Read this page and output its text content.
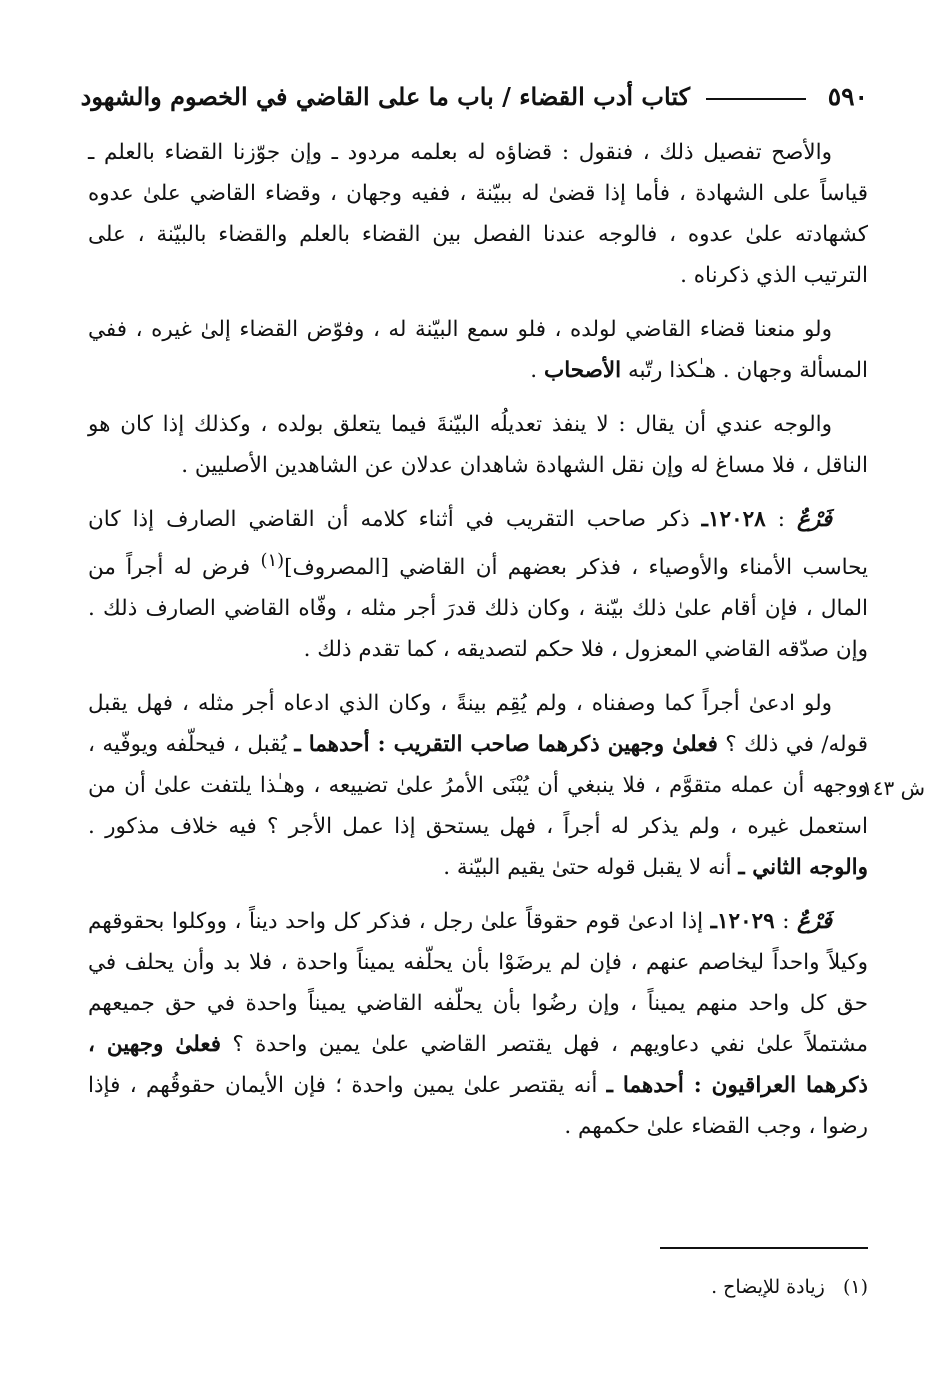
٥٩٠
كتاب أدب القضاء / باب ما على القاضي في الخصوم والشهود
ش ١٤٣

والأصح تفصيل ذلك ، فنقول : قضاؤه له بعلمه مردود ـ وإن جوّزنا القضاء بالعلم ـ قياساً على الشهادة ، فأما إذا قضىٰ له ببيّنة ، ففيه وجهان ، وقضاء القاضي علىٰ عدوه كشهادته علىٰ عدوه ، فالوجه عندنا الفصل بين القضاء بالعلم والقضاء بالبيّنة ، على الترتيب الذي ذكرناه .

ولو منعنا قضاء القاضي لولده ، فلو سمع البيّنة له ، وفوّض القضاء إلىٰ غيره ، ففي المسألة وجهان . هـٰكذا رتّبه الأصحاب .

والوجه عندي أن يقال : لا ينفذ تعديلُه البيّنةَ فيما يتعلق بولده ، وكذلك إذا كان هو الناقل ، فلا مساغ له وإن نقل الشهادة شاهدان عدلان عن الشاهدين الأصليين .

فَرْعٌ : ١٢٠٢٨ـ ذكر صاحب التقريب في أثناء كلامه أن القاضي الصارف إذا كان يحاسب الأمناء والأوصياء ، فذكر بعضهم أن القاضي [المصروف]$^{(١)}$ فرض له أجراً من المال ، فإن أقام علىٰ ذلك بيّنة ، وكان ذلك قدرَ أجر مثله ، وفّاه القاضي الصارف ذلك . وإن صدّقه القاضي المعزول ، فلا حكم لتصديقه ، كما تقدم ذلك .

ولو ادعىٰ أجراً كما وصفناه ، ولم يُقِم بينةً ، وكان الذي ادعاه أجر مثله ، فهل يقبل قوله/ في ذلك ؟ فعلىٰ وجهين ذكرهما صاحب التقريب : أحدهما ـ يُقبل ، فيحلّفه ويوفّيه ، ووجهه أن عمله متقوَّم ، فلا ينبغي أن يُبْنَى الأمرُ علىٰ تضييعه ، وهـٰذا يلتفت علىٰ أن من استعمل غيره ، ولم يذكر له أجراً ، فهل يستحق إذا عمل الأجر ؟ فيه خلاف مذكور . والوجه الثاني ـ أنه لا يقبل قوله حتىٰ يقيم البيّنة .

فَرْعٌ : ١٢٠٢٩ـ إذا ادعىٰ قوم حقوقاً علىٰ رجل ، فذكر كل واحد ديناً ، ووكلوا بحقوقهم وكيلاً واحداً ليخاصم عنهم ، فإن لم يرضَوْا بأن يحلّفه يميناً واحدة ، فلا بد وأن يحلف في حق كل واحد منهم يميناً ، وإن رضُوا بأن يحلّفه القاضي يميناً واحدة في حق جميعهم مشتملاً علىٰ نفي دعاويهم ، فهل يقتصر القاضي علىٰ يمين واحدة ؟ فعلىٰ وجهين ، ذكرهما العراقيون : أحدهما ـ أنه يقتصر علىٰ يمين واحدة ؛ فإن الأيمان حقوقُهم ، فإذا رضوا ، وجب القضاء علىٰ حكمهم .

(١)   زيادة للإيضاح .
